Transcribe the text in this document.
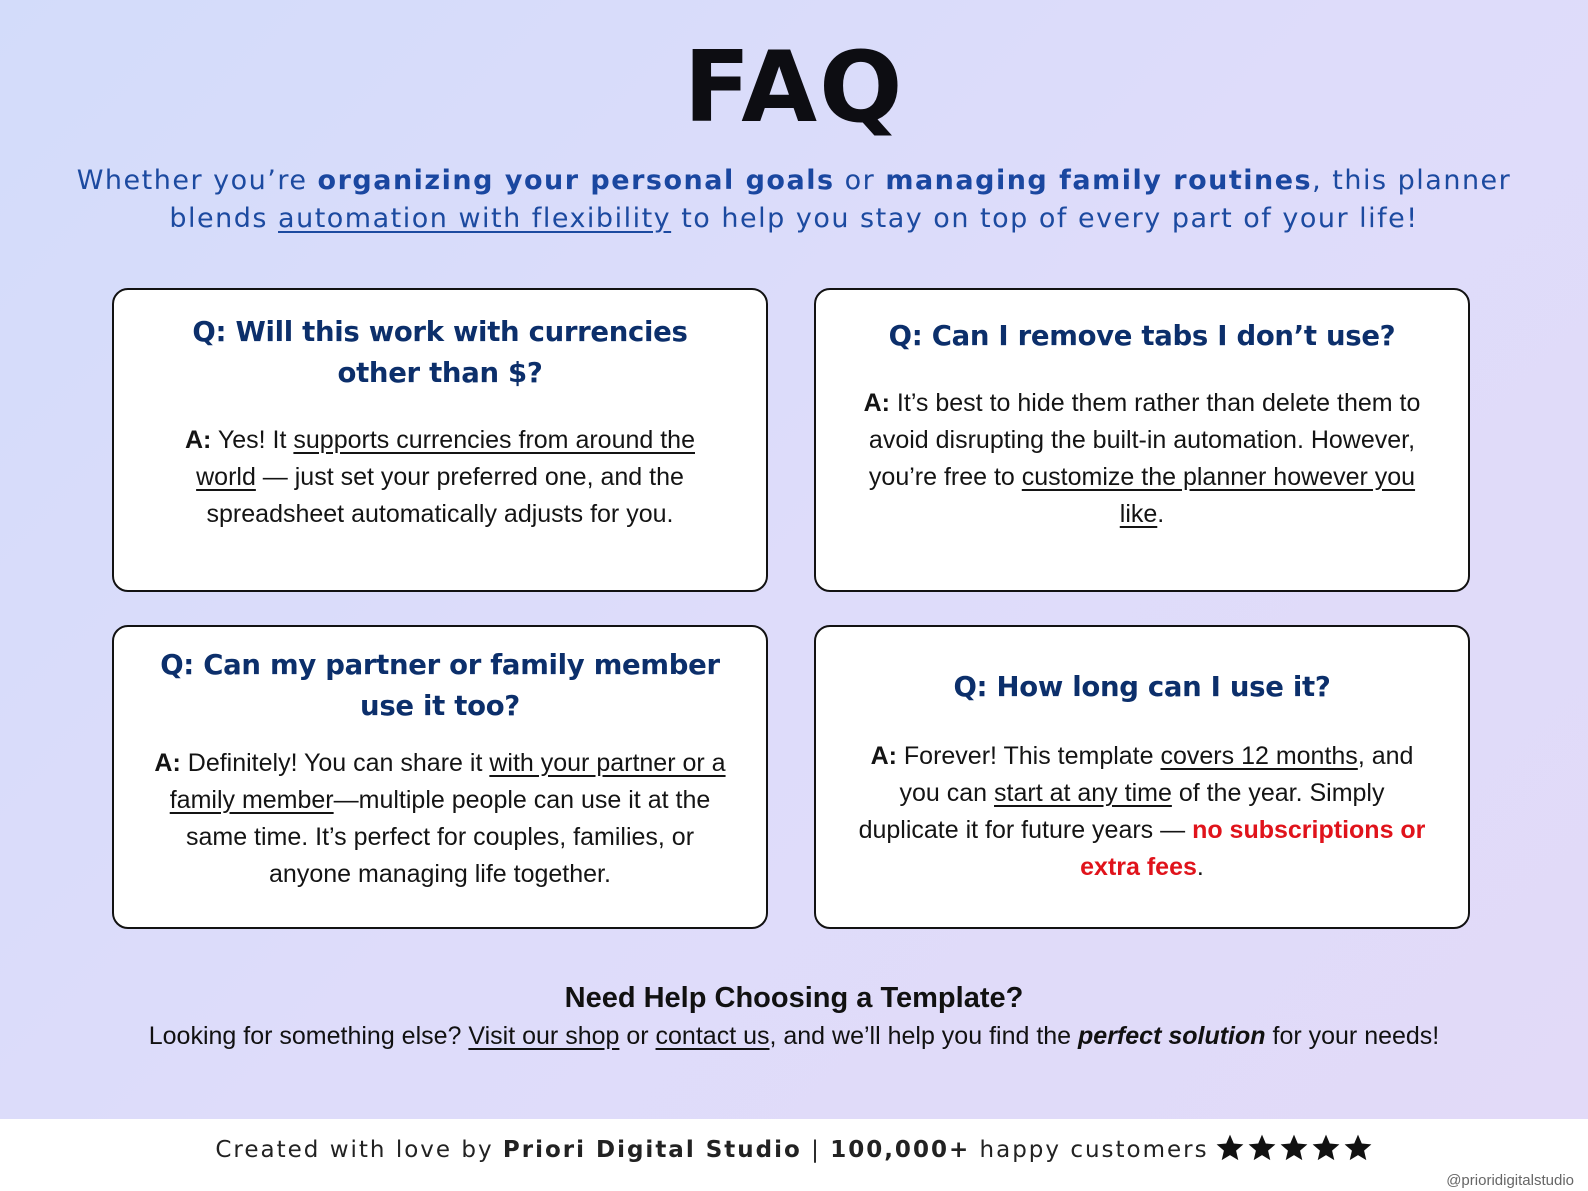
FAQ

Whether you’re organizing your personal goals or managing family routines, this planner blends automation with flexibility to help you stay on top of every part of your life!

Q: Will this work with currencies other than $?

A: Yes! It supports currencies from around the world — just set your preferred one, and the spreadsheet automatically adjusts for you.

Q: Can I remove tabs I don’t use?

A: It’s best to hide them rather than delete them to avoid disrupting the built-in automation. However, you’re free to customize the planner however you like.

Q: Can my partner or family member use it too?

A: Definitely! You can share it with your partner or a family member—multiple people can use it at the same time. It’s perfect for couples, families, or anyone managing life together.

Q: How long can I use it?

A: Forever! This template covers 12 months, and you can start at any time of the year. Simply duplicate it for future years — no subscriptions or extra fees.

Need Help Choosing a Template?

Looking for something else? Visit our shop or contact us, and we’ll help you find the perfect solution for your needs!

Created with love by Priori Digital Studio | 100,000+ happy customers
@prioridigitalstudio
